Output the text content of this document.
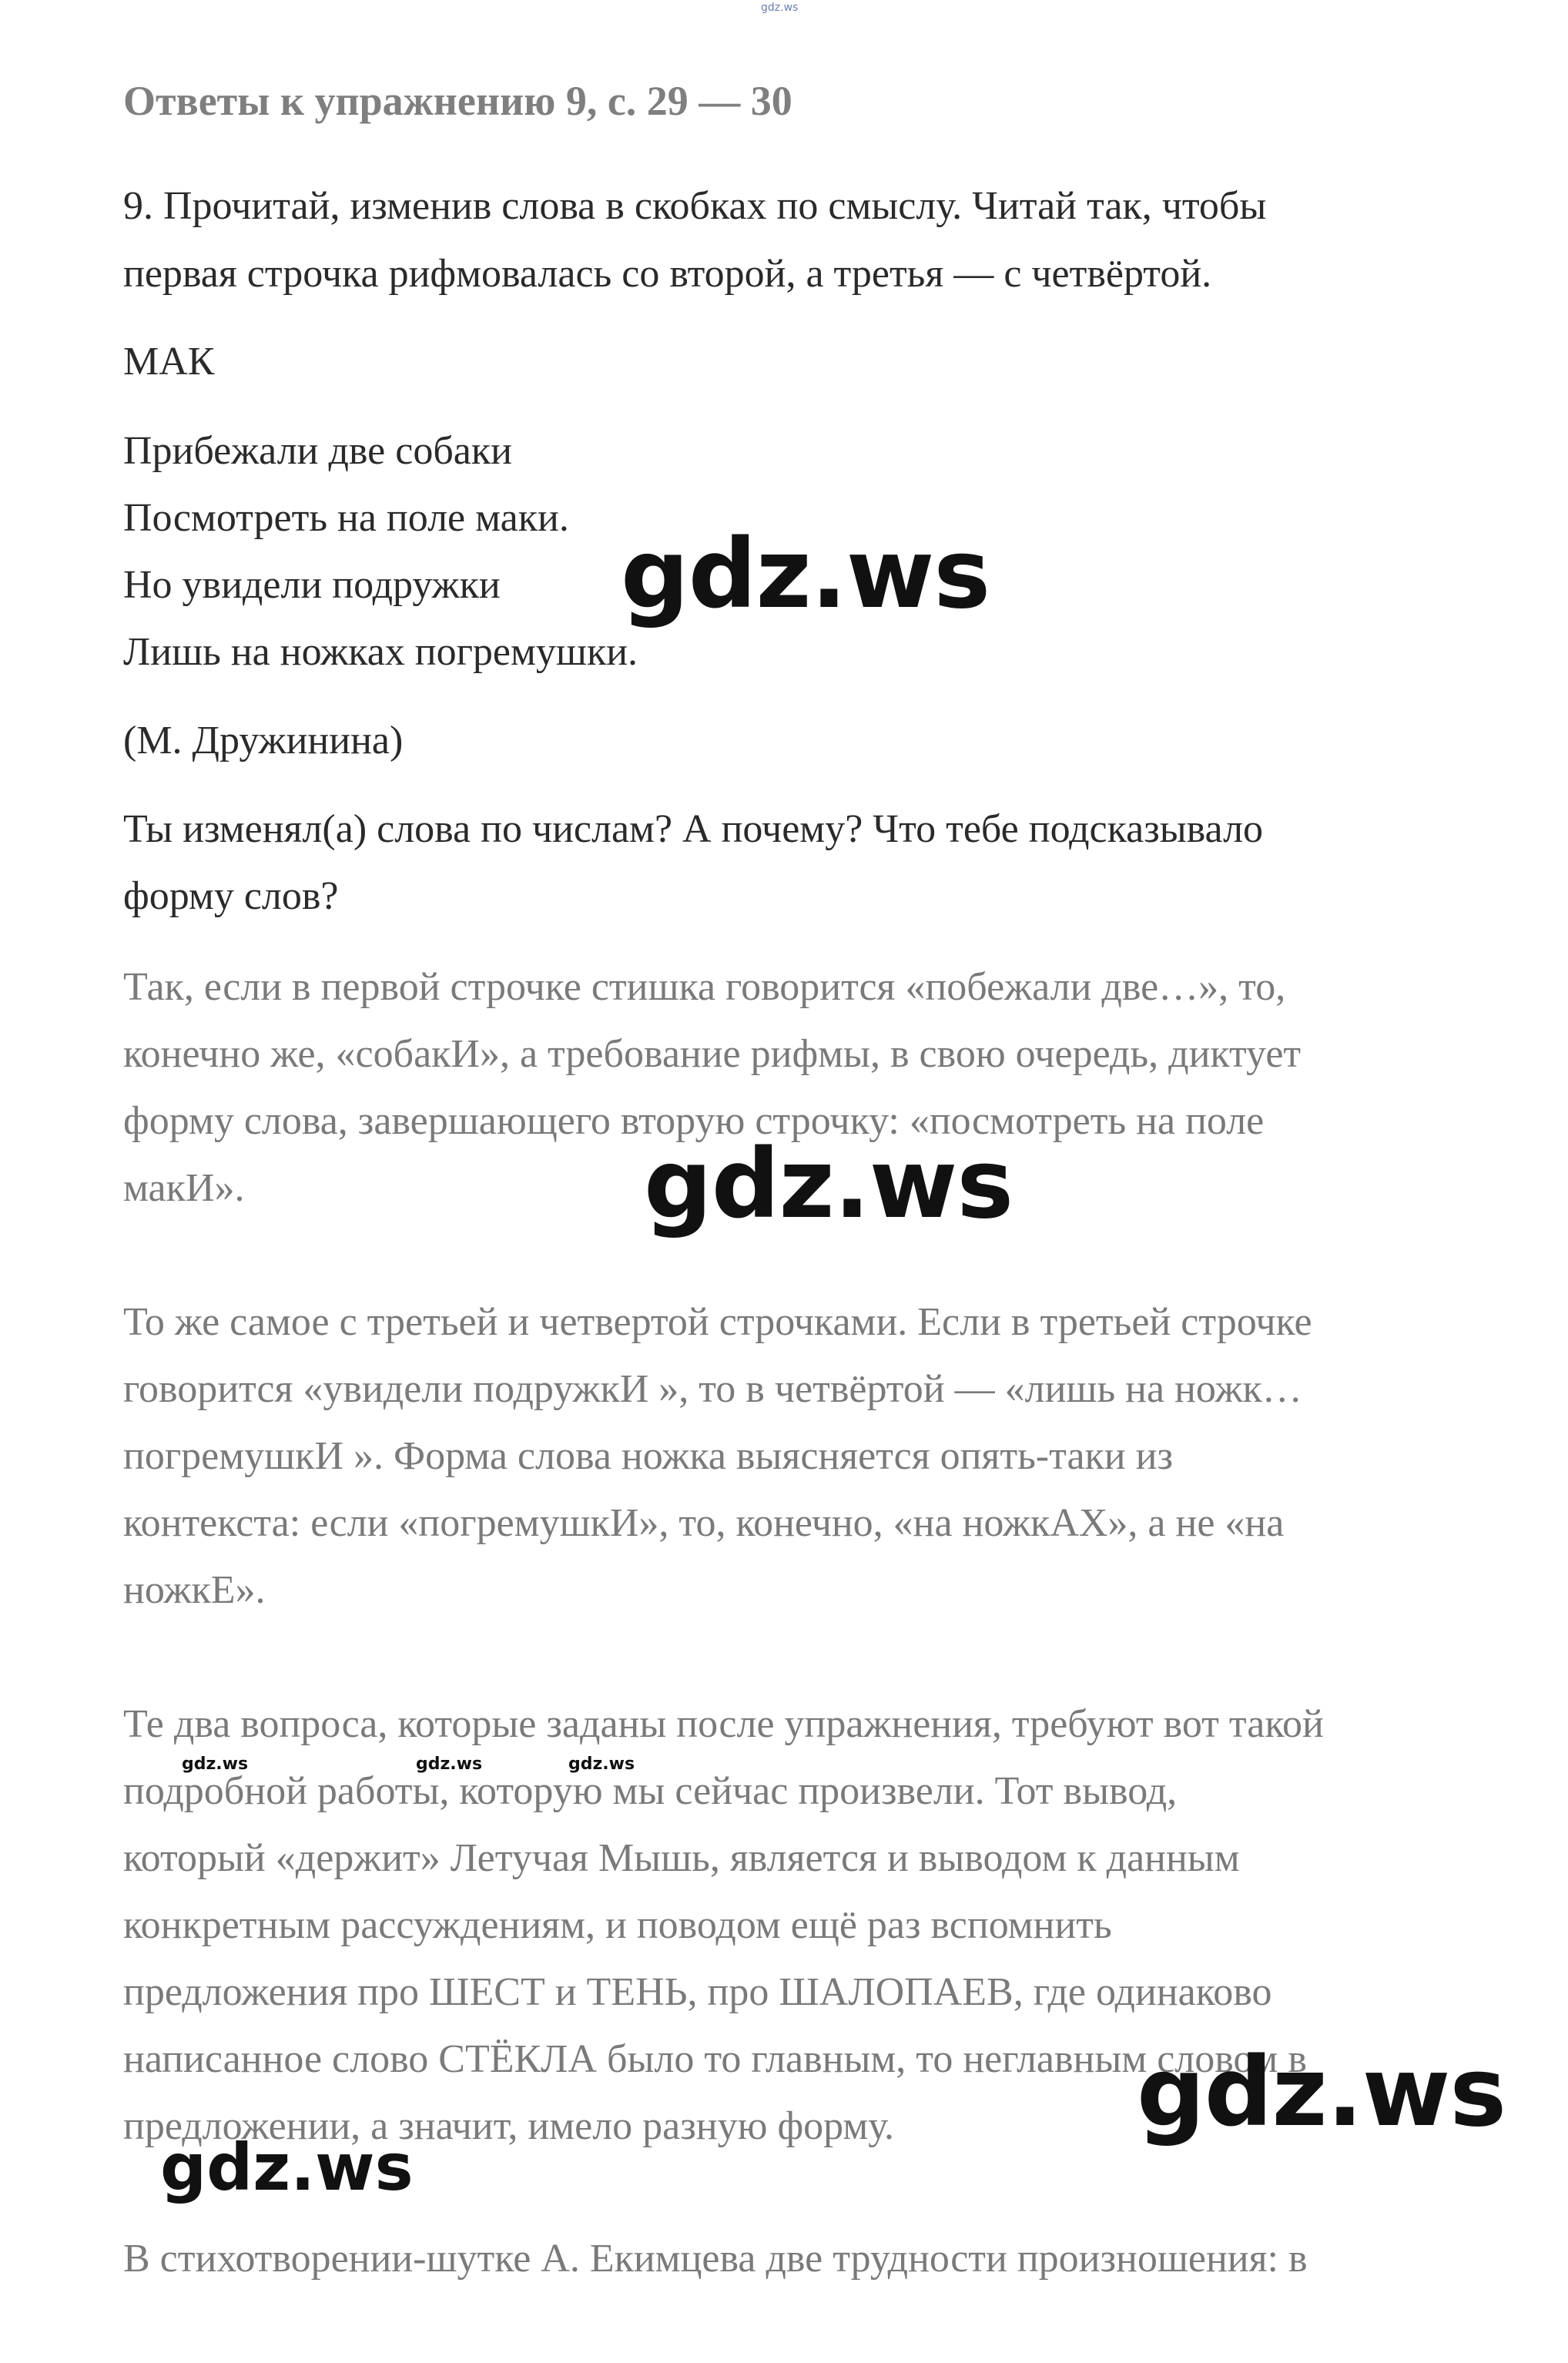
gdz.ws
Ответы к упражнению 9, с. 29 — 30
9. Прочитай, изменив слова в скобках по смыслу. Читай так, чтобы
первая строчка рифмовалась со второй, а третья — с четвёртой.
МАК
Прибежали две собаки
Посмотреть на поле маки.
Но увидели подружки
Лишь на ножках погремушки.
(М. Дружинина)
Ты изменял(а) слова по числам? А почему? Что тебе подсказывало
форму слов?
Так, если в первой строчке стишка говорится «побежали две…», то,
конечно же, «собакИ», а требование рифмы, в свою очередь, диктует
форму слова, завершающего вторую строчку: «посмотреть на поле
макИ».
То же самое с третьей и четвертой строчками. Если в третьей строчке
говорится «увидели подружкИ », то в четвёртой — «лишь на ножк…
погремушкИ ». Форма слова ножка выясняется опять-таки из
контекста: если «погремушкИ», то, конечно, «на ножкАХ», а не «на
ножкЕ».
Те два вопроса, которые заданы после упражнения, требуют вот такой
подробной работы, которую мы сейчас произвели. Тот вывод,
который «держит» Летучая Мышь, является и выводом к данным
конкретным рассуждениям, и поводом ещё раз вспомнить
предложения про ШЕСТ и ТЕНЬ, про ШАЛОПАЕВ, где одинаково
написанное слово СТЁКЛА было то главным, то неглавным словом в
предложении, а значит, имело разную форму.
В стихотворении-шутке А. Екимцева две трудности произношения: в
gdz.ws
gdz.ws
gdz.ws
gdz.ws
gdz.ws	gdz.ws	gdz.ws
